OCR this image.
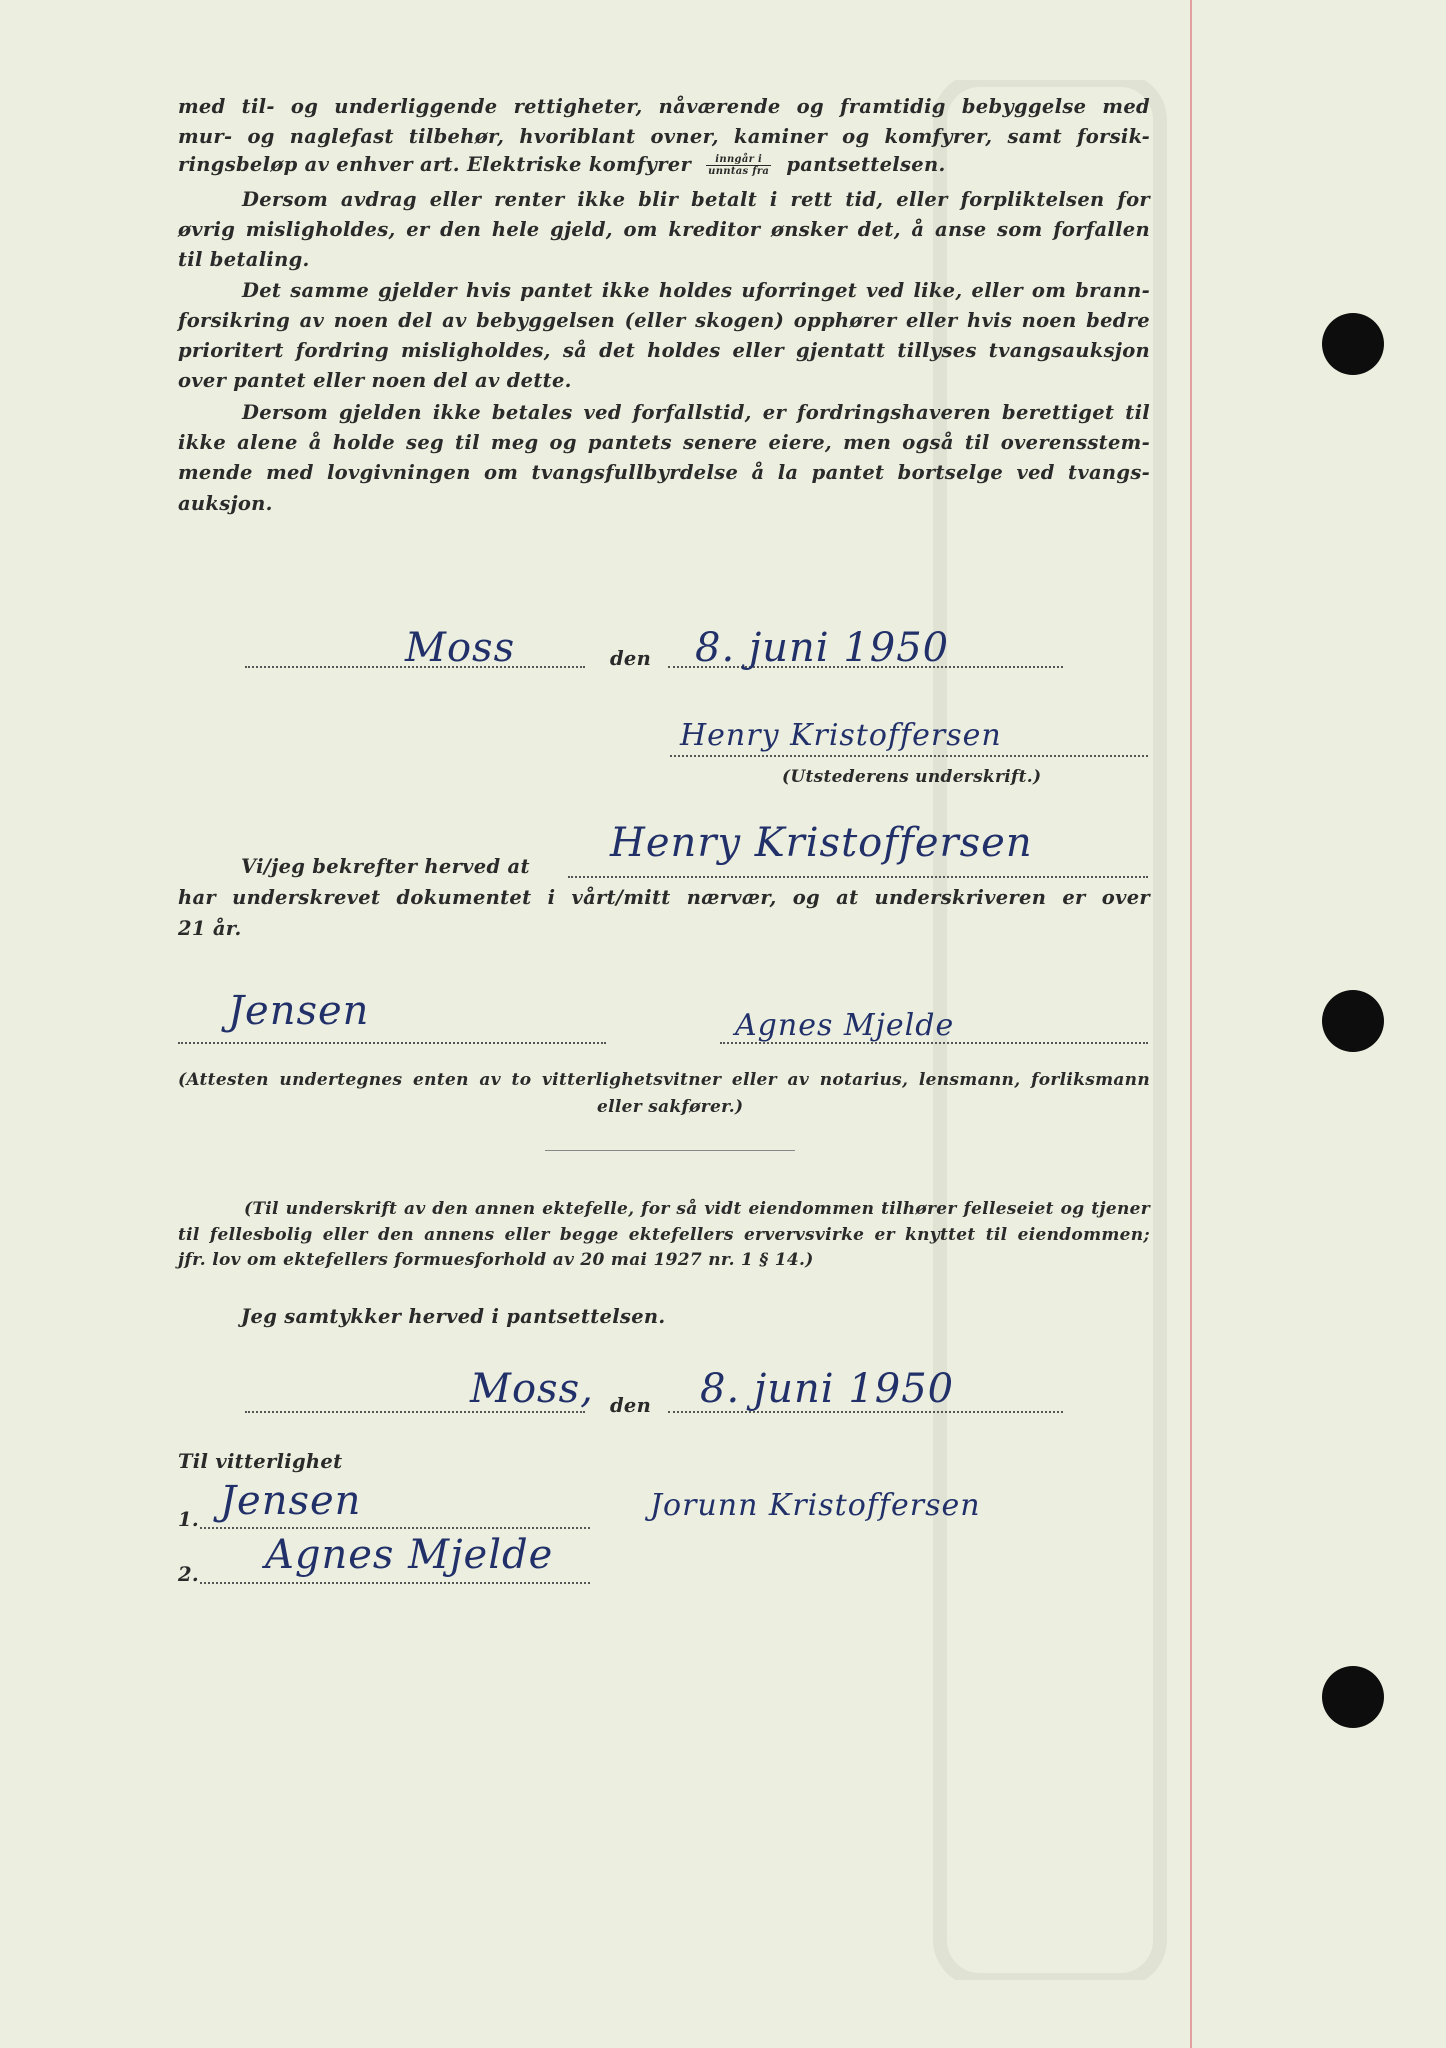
med til- og underliggende rettigheter, nåværende og framtidig bebyggelse med
mur- og naglefast tilbehør, hvoriblant ovner, kaminer og komfyrer, samt forsik-
ringsbeløp av enhver art. Elektriske komfyrer $\frac{\text{inngår i}}{\text{unntas fra}}$ pantsettelsen.
Dersom avdrag eller renter ikke blir betalt i rett tid, eller forpliktelsen for
øvrig misligholdes, er den hele gjeld, om kreditor ønsker det, å anse som forfallen
til betaling.
Det samme gjelder hvis pantet ikke holdes uforringet ved like, eller om brann-
forsikring av noen del av bebyggelsen (eller skogen) opphører eller hvis noen bedre
prioritert fordring misligholdes, så det holdes eller gjentatt tillyses tvangsauksjon
over pantet eller noen del av dette.
Dersom gjelden ikke betales ved forfallstid, er fordringshaveren berettiget til
ikke alene å holde seg til meg og pantets senere eiere, men også til overensstem-
mende med lovgivningen om tvangsfullbyrdelse å la pantet bortselge ved tvangs-
auksjon.
Moss	den 8. juni 1950
Henry Kristoffersen
(Utstederens underskrift.)
Vi/jeg bekrefter herved at
Henry Kristoffersen
har underskrevet dokumentet i vårt/mitt nærvær, og at underskriveren er over
21 år.
Jensen	Agnes Mjelde
(Attesten undertegnes enten av to vitterlighetsvitner eller av notarius, lensmann, forliksmann
eller sakfører.)
(Til underskrift av den annen ektefelle, for så vidt eiendommen tilhører felleseiet og tjener
til fellesbolig eller den annens eller begge ektefellers ervervsvirke er knyttet til eiendommen;
jfr. lov om ektefellers formuesforhold av 20 mai 1927 nr. 1 § 14.)
Jeg samtykker herved i pantsettelsen.
Moss, den 8. juni 1950
Til vitterlighet
1. Jensen
2. Agnes Mjelde
Jorunn Kristoffersen
